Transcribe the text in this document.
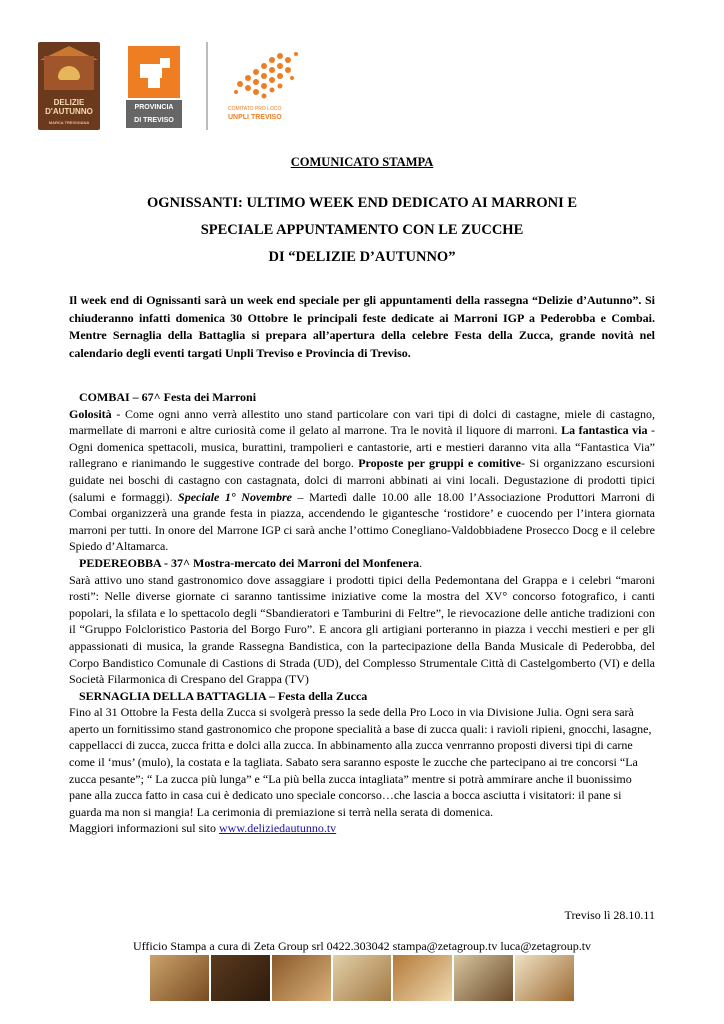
DELIZIE
D'AUTUNNO
MARCA TREVIGIANA
PROVINCIA
DI TREVISO
COMITATO PRO LOCO
UNPLI TREVISO
COMUNICATO STAMPA
OGNISSANTI: ULTIMO WEEK END DEDICATO AI MARRONI E
SPECIALE APPUNTAMENTO CON LE ZUCCHE
DI “DELIZIE D’AUTUNNO”
Il week end di Ognissanti sarà un week end speciale per gli appuntamenti della rassegna “Delizie d’Autunno”. Si chiuderanno infatti domenica 30 Ottobre le principali feste dedicate ai Marroni IGP a Pederobba e Combai. Mentre Sernaglia della Battaglia si prepara all’apertura della celebre Festa della Zucca, grande novità nel calendario degli eventi targati Unpli Treviso e Provincia di Treviso.

COMBAI – 67^ Festa dei Marroni

Golosità - Come ogni anno verrà allestito uno stand particolare con vari tipi di dolci di castagne, miele di castagno, marmellate di marroni e altre curiosità come il gelato al marrone. Tra le novità il liquore di marroni. La fantastica via - Ogni domenica spettacoli, musica, burattini, trampolieri e cantastorie, arti e mestieri daranno vita alla “Fantastica Via” rallegrano e rianimando le suggestive contrade del borgo. Proposte per gruppi e comitive- Si organizzano escursioni guidate nei boschi di castagno con castagnata, dolci di marroni abbinati ai vini locali. Degustazione di prodotti tipici (salumi e formaggi). Speciale 1° Novembre – Martedì dalle 10.00 alle 18.00 l’Associazione Produttori Marroni di Combai organizzerà una grande festa in piazza, accendendo le gigantesche ‘rostidore’ e cuocendo per l’intera giornata marroni per tutti. In onore del Marrone IGP ci sarà anche l’ottimo Conegliano-Valdobbiadene Prosecco Docg e il celebre Spiedo d’Altamarca.

PEDEREOBBA - 37^ Mostra-mercato dei Marroni del Monfenera.

Sarà attivo uno stand gastronomico dove assaggiare i prodotti tipici della Pedemontana del Grappa e i celebri “maroni rosti”: Nelle diverse giornate ci saranno tantissime iniziative come la mostra del XV° concorso fotografico, i canti popolari, la sfilata e lo spettacolo degli “Sbandieratori e Tamburini di Feltre”, le rievocazione delle antiche tradizioni con il “Gruppo Folcloristico Pastoria del Borgo Furo”. E ancora gli artigiani porteranno in piazza i vecchi mestieri e per gli appassionati di musica, la grande Rassegna Bandistica, con la partecipazione della Banda Musicale di Pederobba, del Corpo Bandistico Comunale di Castions di Strada (UD), del Complesso Strumentale Città di Castelgomberto (VI) e della Società Filarmonica di Crespano del Grappa (TV)

SERNAGLIA DELLA BATTAGLIA – Festa della Zucca

Fino al 31 Ottobre la Festa della Zucca si svolgerà presso la sede della Pro Loco in via Divisione Julia. Ogni sera sarà aperto un fornitissimo stand gastronomico che propone specialità a base di zucca quali: i ravioli ripieni, gnocchi, lasagne, cappellacci di zucca, zucca fritta e dolci alla zucca. In abbinamento alla zucca venrranno proposti diversi tipi di carne come il ‘mus’ (mulo), la costata e la tagliata. Sabato sera saranno esposte le zucche che partecipano ai tre concorsi “La zucca pesante”; “ La zucca più lunga” e “La più bella zucca intagliata” mentre si potrà ammirare anche il buonissimo pane alla zucca fatto in casa cui è dedicato uno speciale concorso…che lascia a bocca asciutta i visitatori: il pane si guarda ma non si mangia! La cerimonia di premiazione si terrà nella serata di domenica.

Maggiori informazioni sul sito www.deliziedautunno.tv

Treviso lì 28.10.11
Ufficio Stampa a cura di Zeta Group srl 0422.303042 stampa@zetagroup.tv luca@zetagroup.tv
